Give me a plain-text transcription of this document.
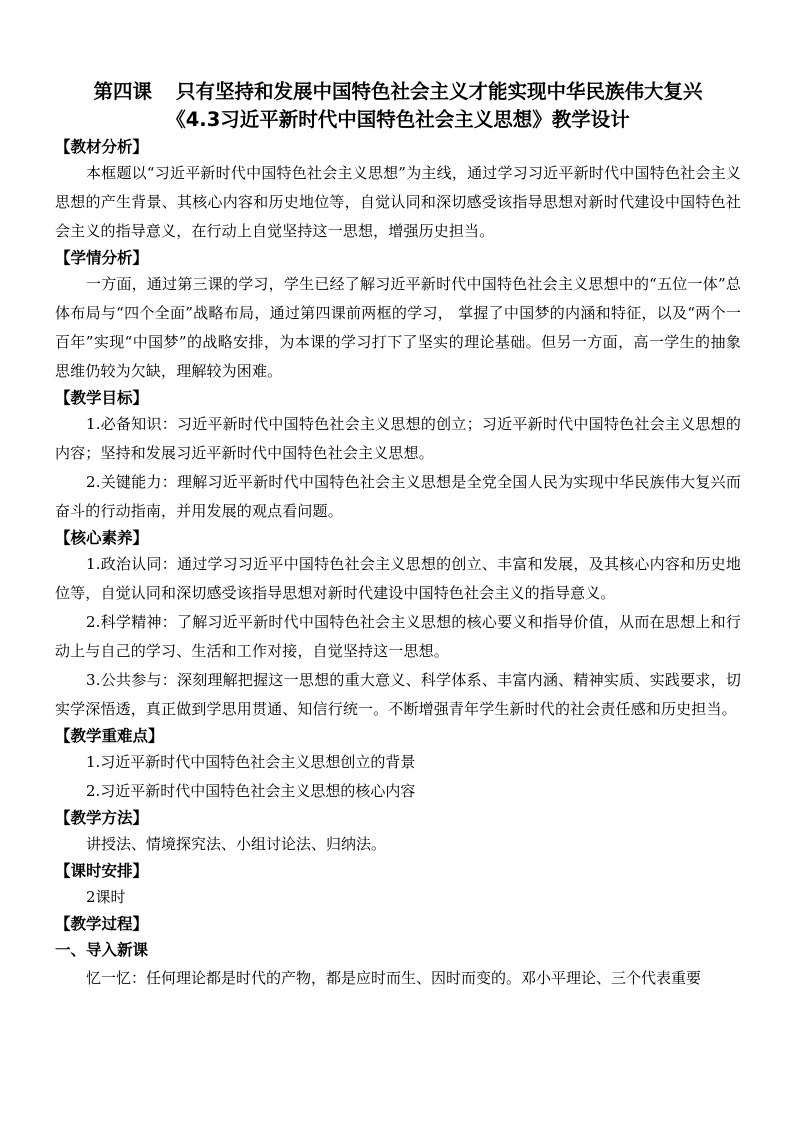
第四课 只有坚持和发展中国特色社会主义才能实现中华民族伟大复兴

《4.3习近平新时代中国特色社会主义思想》教学设计

【教材分析】

本框题以“习近平新时代中国特色社会主义思想”为主线，通过学习习近平新时代中国特色社会主义思想的产生背景、其核心内容和历史地位等，自觉认同和深切感受该指导思想对新时代建设中国特色社会主义的指导意义，在行动上自觉坚持这一思想，增强历史担当。

【学情分析】

一方面，通过第三课的学习，学生已经了解习近平新时代中国特色社会主义思想中的“五位一体”总体布局与“四个全面”战略布局，通过第四课前两框的学习， 掌握了中国梦的内涵和特征，以及“两个一百年”实现“中国梦”的战略安排，为本课的学习打下了坚实的理论基础。但另一方面，高一学生的抽象思维仍较为欠缺，理解较为困难。

【教学目标】

1.必备知识：习近平新时代中国特色社会主义思想的创立；习近平新时代中国特色社会主义思想的内容；坚持和发展习近平新时代中国特色社会主义思想。

2.关键能力：理解习近平新时代中国特色社会主义思想是全党全国人民为实现中华民族伟大复兴而奋斗的行动指南，并用发展的观点看问题。

【核心素养】

1.政治认同：通过学习习近平中国特色社会主义思想的创立、丰富和发展，及其核心内容和历史地位等，自觉认同和深切感受该指导思想对新时代建设中国特色社会主义的指导意义。

2.科学精神：了解习近平新时代中国特色社会主义思想的核心要义和指导价值，从而在思想上和行动上与自己的学习、生活和工作对接，自觉坚持这一思想。

3.公共参与：深刻理解把握这一思想的重大意义、科学体系、丰富内涵、精神实质、实践要求，切实学深悟透，真正做到学思用贯通、知信行统一。不断增强青年学生新时代的社会责任感和历史担当。

【教学重难点】

1.习近平新时代中国特色社会主义思想创立的背景

2.习近平新时代中国特色社会主义思想的核心内容

【教学方法】

讲授法、情境探究法、小组讨论法、归纳法。

【课时安排】

2课时

【教学过程】

一、导入新课

忆一忆：任何理论都是时代的产物，都是应时而生、因时而变的。邓小平理论、三个代表重要
